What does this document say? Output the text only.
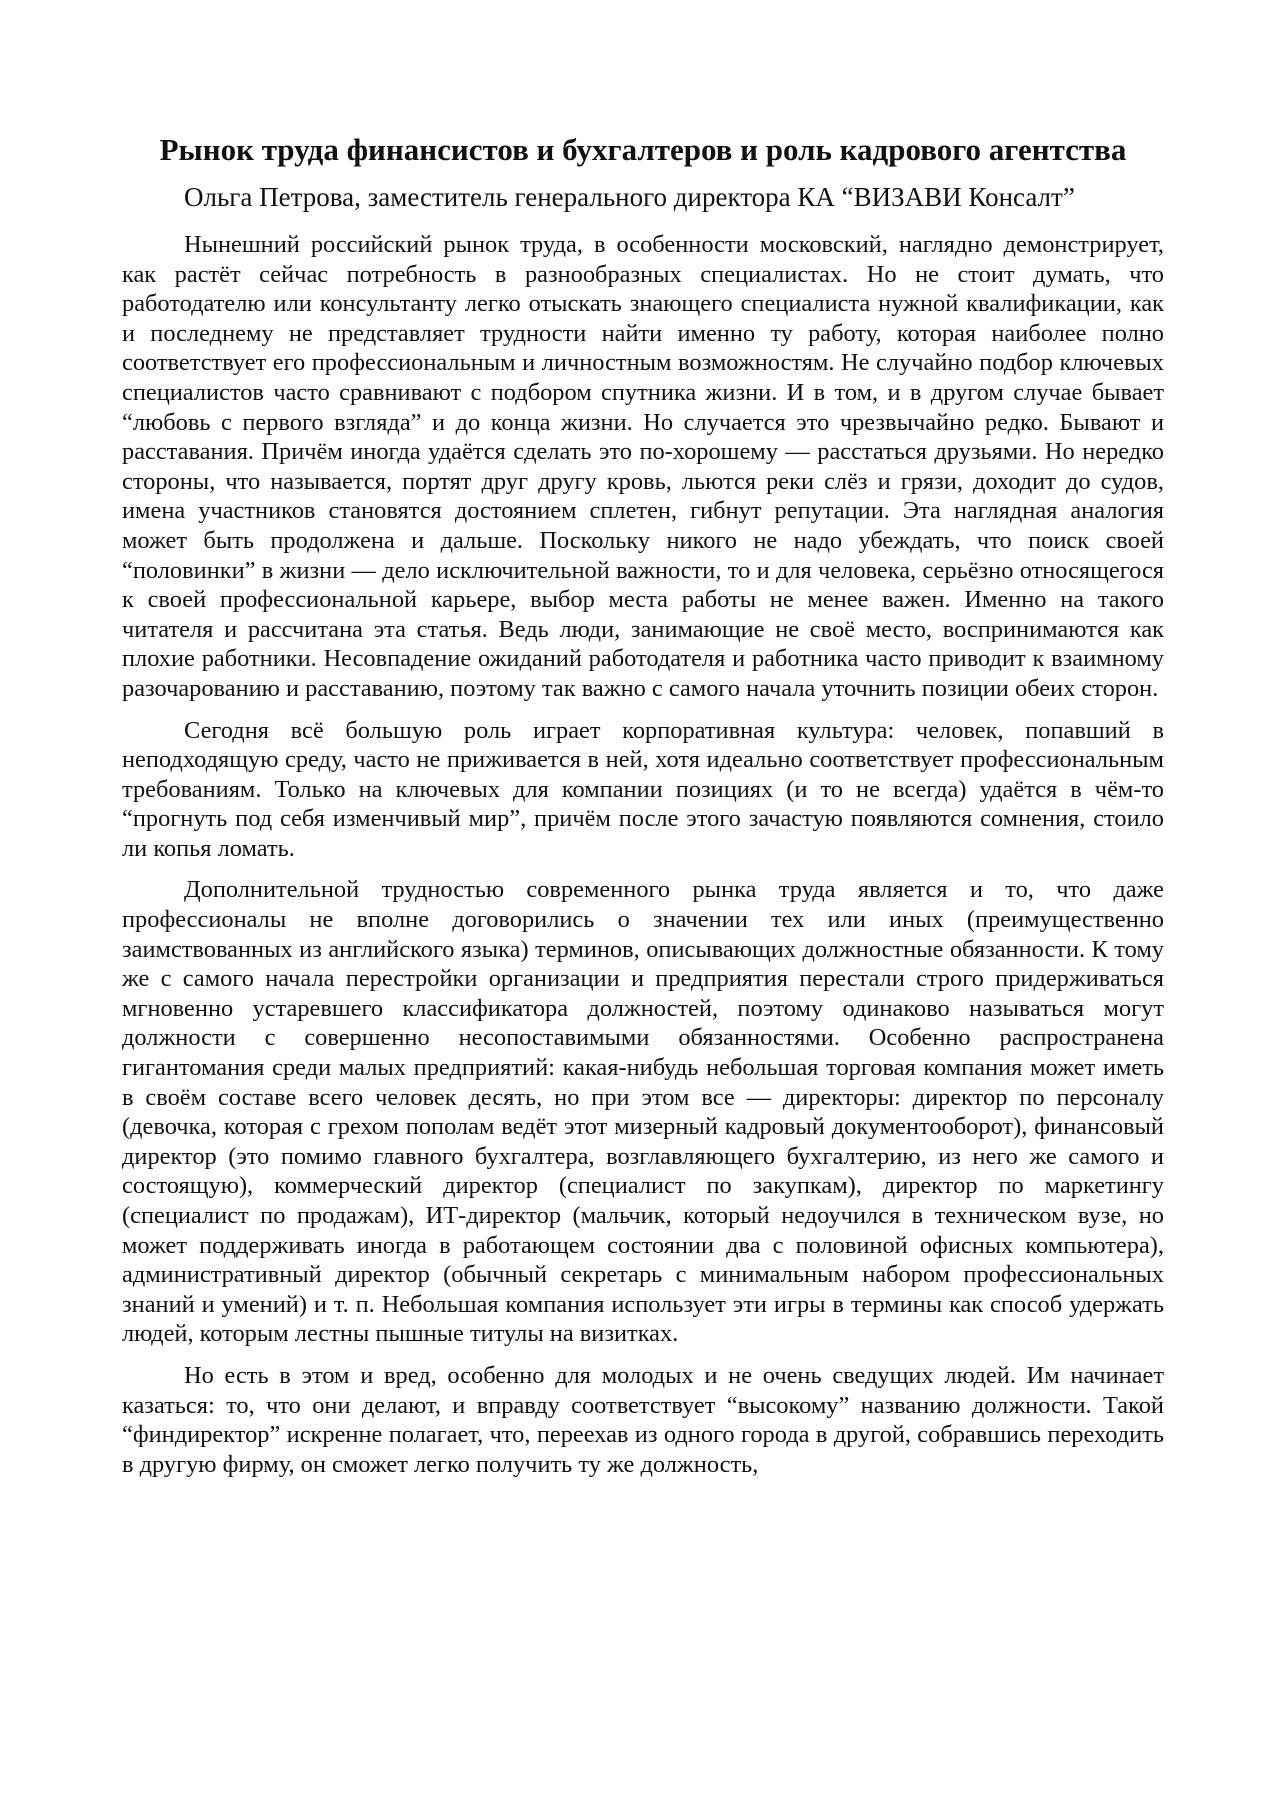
Рынок труда финансистов и бухгалтеров и роль кадрового агентства

Ольга Петрова, заместитель генерального директора КА “ВИЗАВИ Консалт”

Нынешний российский рынок труда, в особенности московский, наглядно демонстрирует, как растёт сейчас потребность в разнообразных специалистах. Но не стоит думать, что работодателю или консультанту легко отыскать знающего специалиста нужной квалификации, как и последнему не представляет трудности найти именно ту работу, которая наиболее полно соответствует его профессиональным и личностным возможностям. Не случайно подбор ключевых специалистов часто сравнивают с подбором спутника жизни. И в том, и в другом случае бывает “любовь с первого взгляда” и до конца жизни. Но случается это чрезвычайно редко. Бывают и расставания. Причём иногда удаётся сделать это по-хорошему — расстаться друзьями. Но нередко стороны, что называется, портят друг другу кровь, льются реки слёз и грязи, доходит до судов, имена участников становятся достоянием сплетен, гибнут репутации. Эта наглядная аналогия может быть продолжена и дальше. Поскольку никого не надо убеждать, что поиск своей “половинки” в жизни — дело исключительной важности, то и для человека, серьёзно относящегося к своей профессиональной карьере, выбор места работы не менее важен. Именно на такого читателя и рассчитана эта статья. Ведь люди, занимающие не своё место, воспринимаются как плохие работники. Несовпадение ожиданий работодателя и работника часто приводит к взаимному разочарованию и расставанию, поэтому так важно с самого начала уточнить позиции обеих сторон.

Сегодня всё большую роль играет корпоративная культура: человек, попавший в неподходящую среду, часто не приживается в ней, хотя идеально соответствует профессиональным требованиям. Только на ключевых для компании позициях (и то не всегда) удаётся в чём-то “прогнуть под себя изменчивый мир”, причём после этого зачастую появляются сомнения, стоило ли копья ломать.

Дополнительной трудностью современного рынка труда является и то, что даже профессионалы не вполне договорились о значении тех или иных (преимущественно заимствованных из английского языка) терминов, описывающих должностные обязанности. К тому же с самого начала перестройки организации и предприятия перестали строго придерживаться мгновенно устаревшего классификатора должностей, поэтому одинаково называться могут должности с совершенно несопоставимыми обязанностями. Особенно распространена гигантомания среди малых предприятий: какая-нибудь небольшая торговая компания может иметь в своём составе всего человек десять, но при этом все — директоры: директор по персоналу (девочка, которая с грехом пополам ведёт этот мизерный кадровый документооборот), финансовый директор (это помимо главного бухгалтера, возглавляющего бухгалтерию, из него же самого и состоящую), коммерческий директор (специалист по закупкам), директор по маркетингу (специалист по продажам), ИТ-директор (мальчик, который недоучился в техническом вузе, но может поддерживать иногда в работающем состоянии два с половиной офисных компьютера), административный директор (обычный секретарь с минимальным набором профессиональных знаний и умений) и т. п. Небольшая компания использует эти игры в термины как способ удержать людей, которым лестны пышные титулы на визитках.

Но есть в этом и вред, особенно для молодых и не очень сведущих людей. Им начинает казаться: то, что они делают, и вправду соответствует “высокому” названию должности. Такой “финдиректор” искренне полагает, что, переехав из одного города в другой, собравшись переходить в другую фирму, он сможет легко получить ту же должность,
